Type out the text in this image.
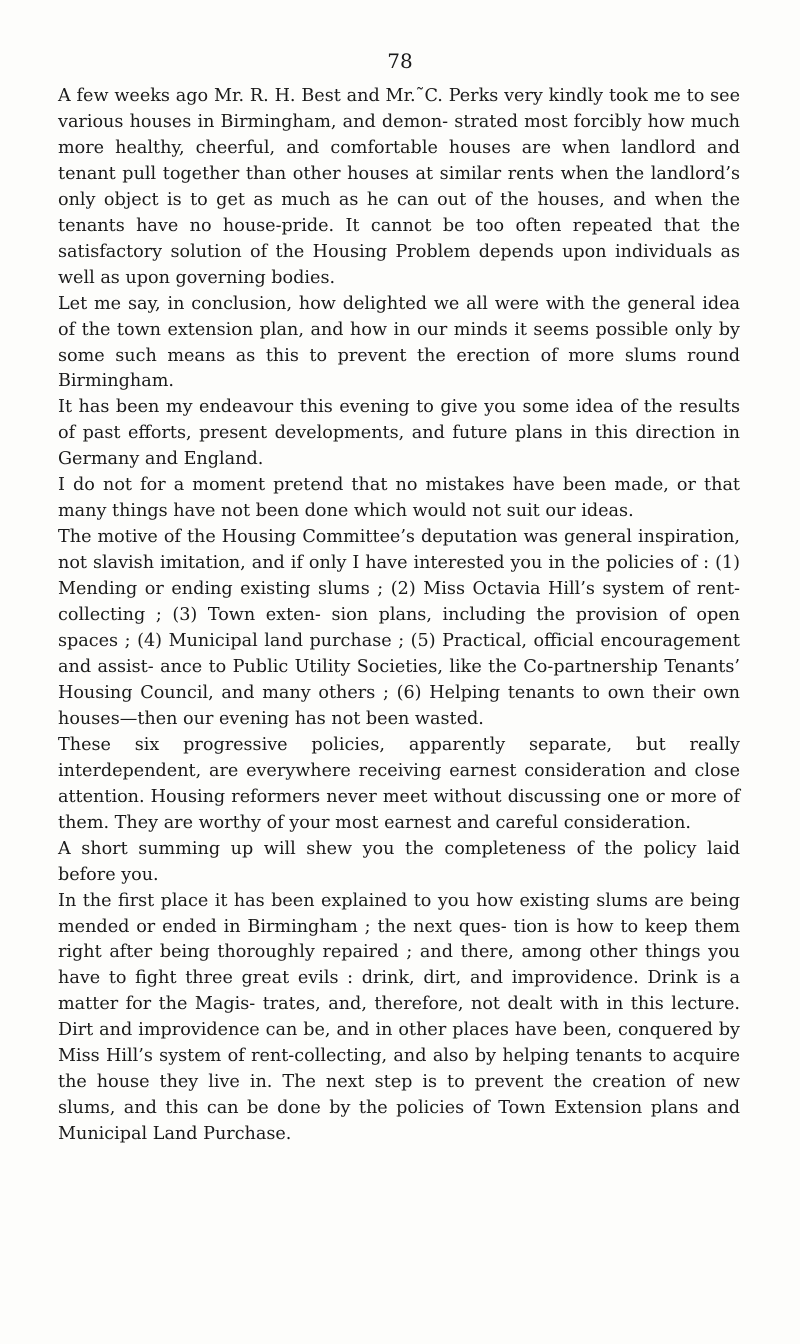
78

A few weeks ago Mr. R. H. Best and Mr.˜C. Perks very kindly took me to see various houses in Birmingham, and demon- strated most forcibly how much more healthy, cheerful, and comfortable houses are when landlord and tenant pull together than other houses at similar rents when the landlord’s only object is to get as much as he can out of the houses, and when the tenants have no house-pride. It cannot be too often repeated that the satisfactory solution of the Housing Problem depends upon individuals as well as upon governing bodies.

Let me say, in conclusion, how delighted we all were with the general idea of the town extension plan, and how in our minds it seems possible only by some such means as this to prevent the erection of more slums round Birmingham.

It has been my endeavour this evening to give you some idea of the results of past efforts, present developments, and future plans in this direction in Germany and England.

I do not for a moment pretend that no mistakes have been made, or that many things have not been done which would not suit our ideas.

The motive of the Housing Committee’s deputation was general inspiration, not slavish imitation, and if only I have interested you in the policies of : (1) Mending or ending existing slums ; (2) Miss Octavia Hill’s system of rent-collecting ; (3) Town exten- sion plans, including the provision of open spaces ; (4) Municipal land purchase ; (5) Practical, official encouragement and assist- ance to Public Utility Societies, like the Co-partnership Tenants’ Housing Council, and many others ; (6) Helping tenants to own their own houses—then our evening has not been wasted.

These six progressive policies, apparently separate, but really interdependent, are everywhere receiving earnest consideration and close attention. Housing reformers never meet without discussing one or more of them. They are worthy of your most earnest and careful consideration.

A short summing up will shew you the completeness of the policy laid before you.

In the first place it has been explained to you how existing slums are being mended or ended in Birmingham ; the next ques- tion is how to keep them right after being thoroughly repaired ; and there, among other things you have to fight three great evils : drink, dirt, and improvidence. Drink is a matter for the Magis- trates, and, therefore, not dealt with in this lecture. Dirt and improvidence can be, and in other places have been, conquered by Miss Hill’s system of rent-collecting, and also by helping tenants to acquire the house they live in. The next step is to prevent the creation of new slums, and this can be done by the policies of Town Extension plans and Municipal Land Purchase.
